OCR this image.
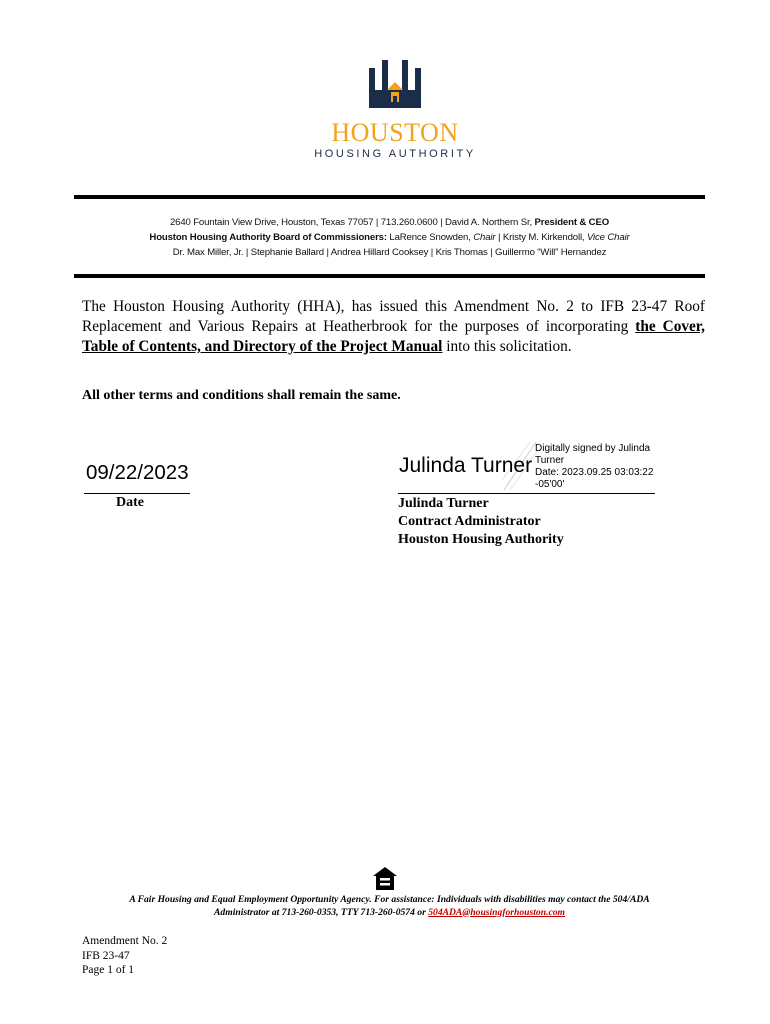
HOUSTON
HOUSING AUTHORITY
2640 Fountain View Drive, Houston, Texas 77057 | 713.260.0600 | David A. Northern Sr, President & CEO
Houston Housing Authority Board of Commissioners: LaRence Snowden, Chair | Kristy M. Kirkendoll, Vice Chair
Dr. Max Miller, Jr. | Stephanie Ballard | Andrea Hillard Cooksey | Kris Thomas | Guillermo “Will” Hernandez
The Houston Housing Authority (HHA), has issued this Amendment No. 2 to IFB 23-47 Roof Replacement and Various Repairs at Heatherbrook for the purposes of incorporating the Cover, Table of Contents, and Directory of the Project Manual into this solicitation.
All other terms and conditions shall remain the same.
09/22/2023
Date
Julinda Turner
Digitally signed by Julinda
Turner
Date: 2023.09.25 03:03:22
-05'00'
Julinda Turner
Contract Administrator
Houston Housing Authority
A Fair Housing and Equal Employment Opportunity Agency. For assistance: Individuals with disabilities may contact the 504/ADA
Administrator at 713-260-0353, TTY 713-260-0574 or 504ADA@housingforhouston.com
Amendment No. 2
IFB 23-47
Page 1 of 1
